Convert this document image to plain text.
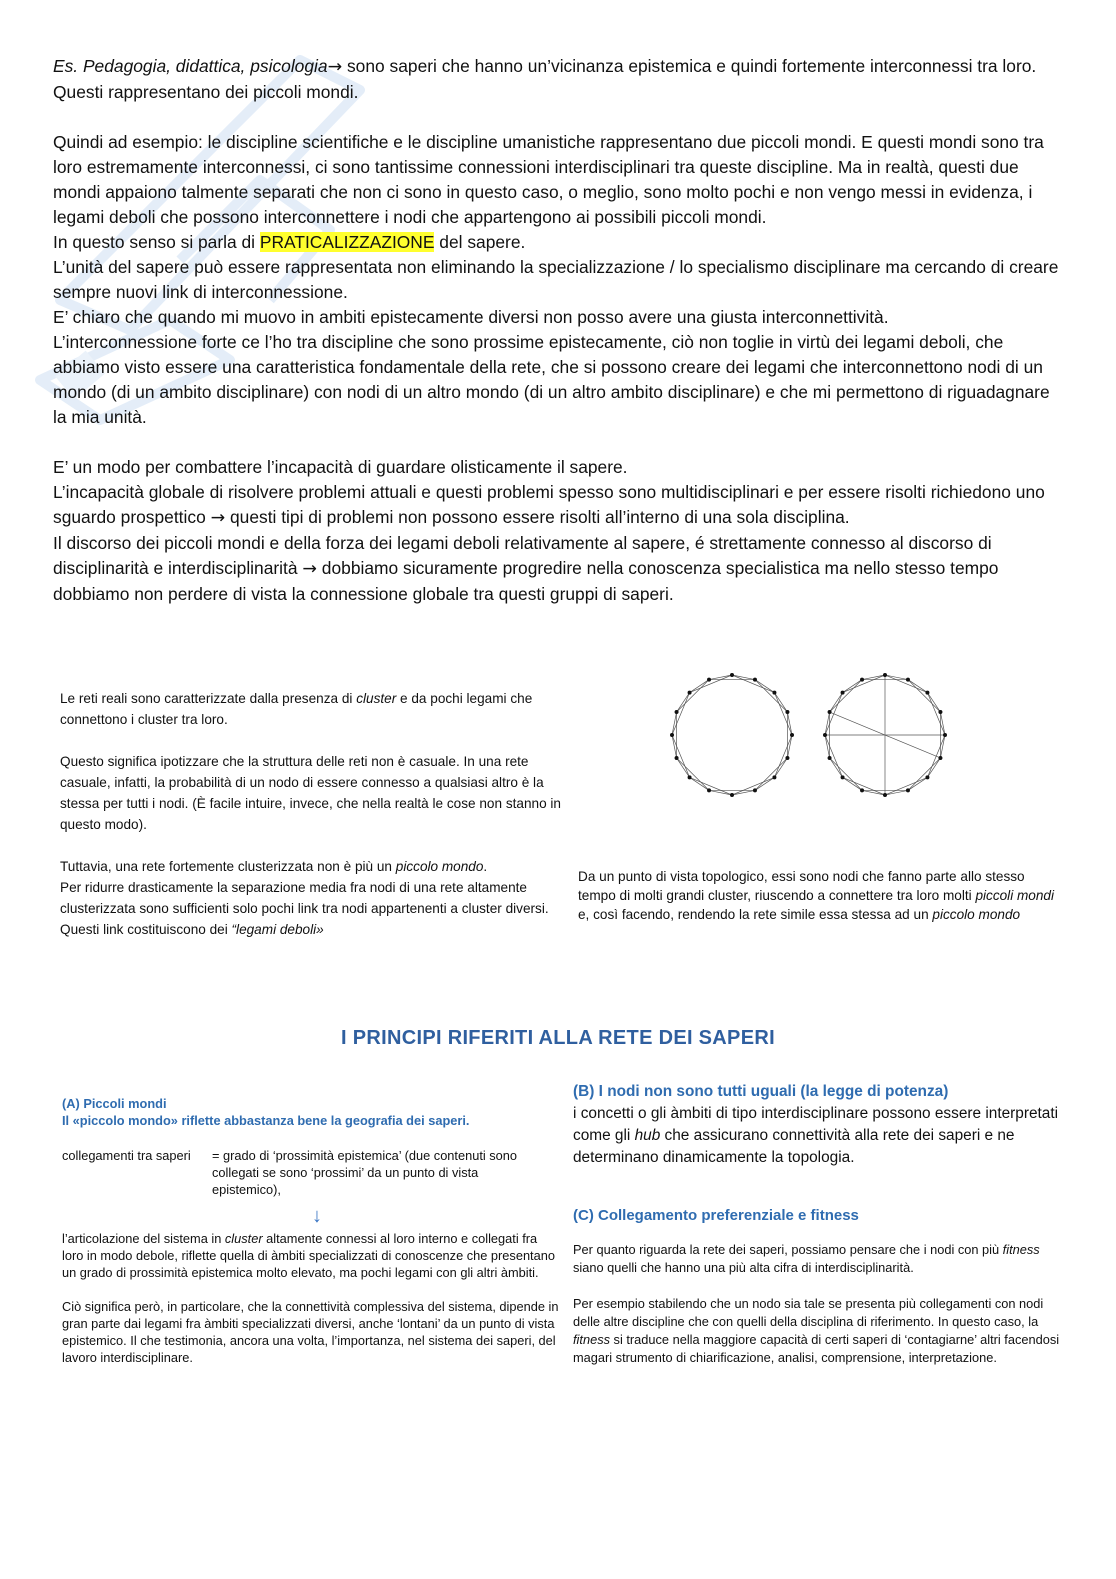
Es. Pedagogia, didattica, psicologia→ sono saperi che hanno un’vicinanza epistemica e quindi fortemente interconnessi tra loro. Questi rappresentano dei piccoli mondi.

Quindi ad esempio: le discipline scientifiche e le discipline umanistiche rappresentano due piccoli mondi. E questi mondi sono tra loro estremamente interconnessi, ci sono tantissime connessioni interdisciplinari tra queste discipline. Ma in realtà, questi due mondi appaiono talmente separati che non ci sono in questo caso, o meglio, sono molto pochi e non vengo messi in evidenza, i legami deboli che possono interconnettere i nodi che appartengono ai possibili piccoli mondi.

In questo senso si parla di PRATICALIZZAZIONE del sapere.

L’unità del sapere può essere rappresentata non eliminando la specializzazione / lo specialismo disciplinare ma cercando di creare sempre nuovi link di interconnessione.

E’ chiaro che quando mi muovo in ambiti epistecamente diversi non posso avere una giusta interconnettività.

L’interconnessione forte ce l’ho tra discipline che sono prossime epistecamente, ciò non toglie in virtù dei legami deboli, che abbiamo visto essere una caratteristica fondamentale della rete, che si possono creare dei legami che interconnettono nodi di un mondo (di un ambito disciplinare) con nodi di un altro mondo (di un altro ambito disciplinare) e che mi permettono di riguadagnare la mia unità.

E’ un modo per combattere l’incapacità di guardare olisticamente il sapere.

L’incapacità globale di risolvere problemi attuali e questi problemi spesso sono multidisciplinari e per essere risolti richiedono uno sguardo prospettico → questi tipi di problemi non possono essere risolti all’interno di una sola disciplina.

Il discorso dei piccoli mondi e della forza dei legami deboli relativamente al sapere, é strettamente connesso al discorso di disciplinarità e interdisciplinarità → dobbiamo sicuramente progredire nella conoscenza specialistica ma nello stesso tempo dobbiamo non perdere di vista la connessione globale tra questi gruppi di saperi.

Le reti reali sono caratterizzate dalla presenza di cluster e da pochi legami che connettono i cluster tra loro.

Questo significa ipotizzare che la struttura delle reti non è casuale. In una rete casuale, infatti, la probabilità di un nodo di essere connesso a qualsiasi altro è la stessa per tutti i nodi. (È facile intuire, invece, che nella realtà le cose non stanno in questo modo).

Tuttavia, una rete fortemente clusterizzata non è più un piccolo mondo.

Per ridurre drasticamente la separazione media fra nodi di una rete altamente clusterizzata sono sufficienti solo pochi link tra nodi appartenenti a cluster diversi. Questi link costituiscono dei “legami deboli»

Da un punto di vista topologico, essi sono nodi che fanno parte allo stesso tempo di molti grandi cluster, riuscendo a connettere tra loro molti piccoli mondi e, così facendo, rendendo la rete simile essa stessa ad un piccolo mondo
I PRINCIPI RIFERITI ALLA RETE DEI SAPERI

(A) Piccoli mondi

Il «piccolo mondo» riflette abbastanza bene la geografia dei saperi.

collegamenti tra saperi	= grado di ‘prossimità epistemica’ (due contenuti sono collegati se sono ‘prossimi’ da un punto di vista epistemico),
↓

l’articolazione del sistema in cluster altamente connessi al loro interno e collegati fra loro in modo debole, riflette quella di àmbiti specializzati di conoscenze che presentano un grado di prossimità epistemica molto elevato, ma pochi legami con gli altri àmbiti.

Ciò significa però, in particolare, che la connettività complessiva del sistema, dipende in gran parte dai legami fra àmbiti specializzati diversi, anche ‘lontani’ da un punto di vista epistemico. Il che testimonia, ancora una volta, l’importanza, nel sistema dei saperi, del lavoro interdisciplinare.

(B) I nodi non sono tutti uguali (la legge di potenza)

i concetti o gli àmbiti di tipo interdisciplinare possono essere interpretati come gli hub che assicurano connettività alla rete dei saperi e ne determinano dinamicamente la topologia.

(C) Collegamento preferenziale e fitness

Per quanto riguarda la rete dei saperi, possiamo pensare che i nodi con più fitness siano quelli che hanno una più alta cifra di interdisciplinarità.

Per esempio stabilendo che un nodo sia tale se presenta più collegamenti con nodi delle altre discipline che con quelli della disciplina di riferimento. In questo caso, la fitness si traduce nella maggiore capacità di certi saperi di ‘contagiarne’ altri facendosi magari strumento di chiarificazione, analisi, comprensione, interpretazione.
